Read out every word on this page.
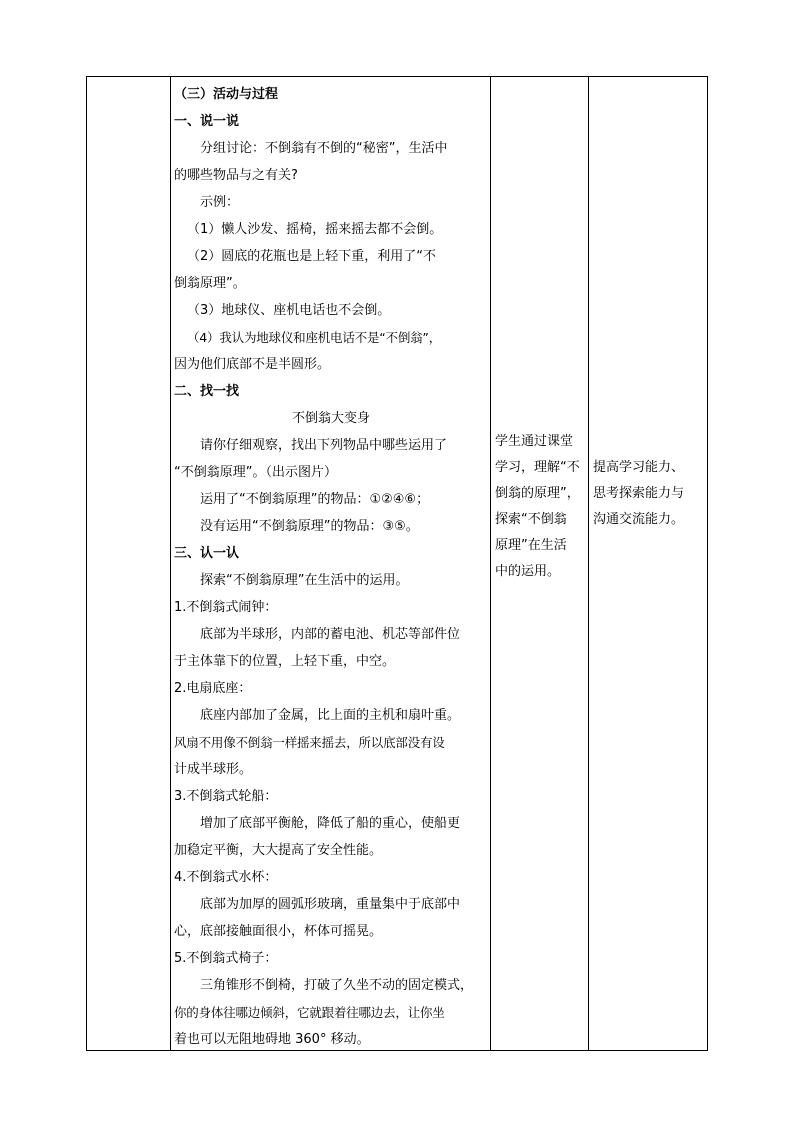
（三）活动与过程
一、说一说
分组讨论：不倒翁有不倒的“秘密”，生活中
的哪些物品与之有关?
示例：
（1）懒人沙发、摇椅，摇来摇去都不会倒。
（2）圆底的花瓶也是上轻下重，利用了“不
倒翁原理”。
（3）地球仪、座机电话也不会倒。
（4）我认为地球仪和座机电话不是“不倒翁”，
因为他们底部不是半圆形。
二、找一找
不倒翁大变身
请你仔细观察，找出下列物品中哪些运用了
“不倒翁原理”。（出示图片）
运用了“不倒翁原理”的物品：①②④⑥；
没有运用“不倒翁原理”的物品：③⑤。
三、认一认
探索“不倒翁原理”在生活中的运用。
1.不倒翁式闹钟：
底部为半球形，内部的蓄电池、机芯等部件位
于主体靠下的位置，上轻下重，中空。
2.电扇底座：
底座内部加了金属，比上面的主机和扇叶重。
风扇不用像不倒翁一样摇来摇去，所以底部没有设
计成半球形。
3.不倒翁式轮船：
增加了底部平衡舱，降低了船的重心，使船更
加稳定平衡，大大提高了安全性能。
4.不倒翁式水杯：
底部为加厚的圆弧形玻璃，重量集中于底部中
心，底部接触面很小，杯体可摇晃。
5.不倒翁式椅子：
三角锥形不倒椅，打破了久坐不动的固定模式，
你的身体往哪边倾斜，它就跟着往哪边去，让你坐
着也可以无阻地碍地 360° 移动。
学生通过课堂
学习，理解“不
倒翁的原理”，
探索“不倒翁
原理”在生活
中的运用。
提高学习能力、
思考探索能力与
沟通交流能力。
